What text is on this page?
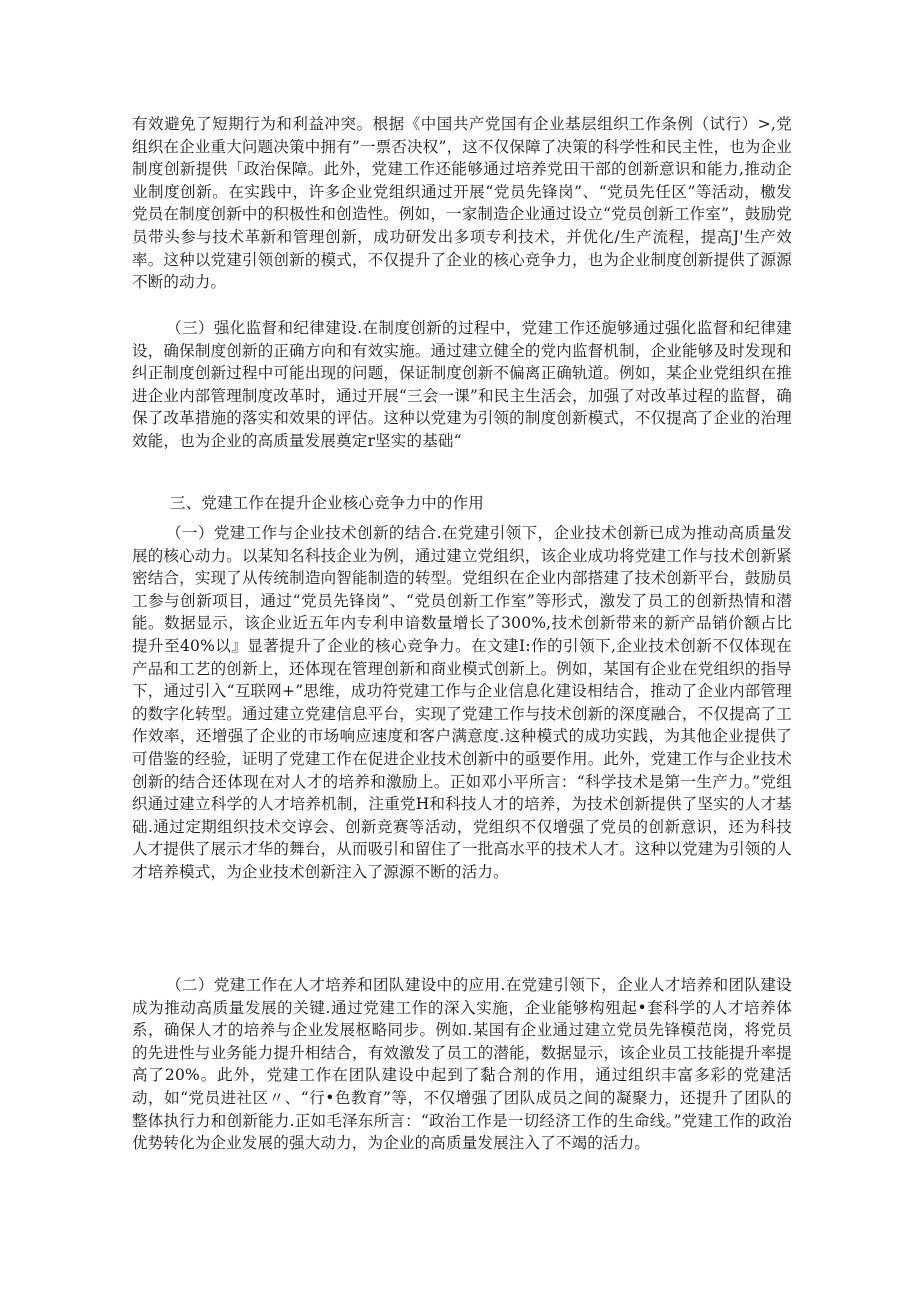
有效避免了短期行为和利益冲突。根据《中国共产党国有企业基层组织工作条例（试行）>,党组织在企业重大问题决策中拥有”一票否决权”，这不仅保障了决策的科学性和民主性，也为企业制度创新提供「政治保障。此外，党建工作还能够通过培养党田干部的创新意识和能力,推动企业制度创新。在实践中，许多企业党组织通过开展“党员先锋岗”、“党员先任区”等活动，檄发党员在制度创新中的积极性和创造性。例如，一家制造企业通过设立“党员创新工作室”，鼓励党员带头参与技术革新和管理创新，成功研发出多项专利技术，并优化/生产流程，提高J'生产效率。这种以党建引领创新的模式，不仅提升了企业的核心竞争力，也为企业制度创新提供了源源不断的动力。

（三）强化监督和纪律建设.在制度创新的过程中，党建工作还旎够通过强化监督和纪律建设，确保制度创新的正确方向和有效实施。通过建立健全的党内监督机制，企业能够及时发现和纠正制度创新过程中可能出现的问题，保证制度创新不偏离正确轨道。例如，某企业党组织在推进企业内部管理制度改革时，通过开展“三会一课”和民主生活会，加强了对改革过程的监督，确保了改革措施的落实和效果的评估。这种以党建为引领的制度创新模式，不仅提高了企业的治理效能，也为企业的高质量发展奠定r坚实的基础“

三、党建工作在提升企业核心竞争力中的作用

（一）党建工作与企业技术创新的结合.在党建引领下，企业技术创新已成为推动高质量发展的核心动力。以某知名科技企业为例，通过建立党组织，该企业成功将党建工作与技术创新紧密结合，实现了从传统制造向智能制造的转型。党组织在企业内部搭建了技术创新平台，鼓励员工参与创新项目，通过“党员先锋岗”、“党员创新工作室”等形式，激发了员工的创新热情和潜能。数据显示，该企业近五年内专利申谙数量增长了300%,技术创新带来的新产品销价额占比提升至40%以』显著提升了企业的核心竞争力。在文建I:作的引领下,企业技术创新不仅体现在产品和工艺的创新上，还体现在管理创新和商业模式创新上。例如，某国有企业在党组织的指导下，通过引入“互联网+”思维，成功符党建工作与企业信息化建设相结合，推动了企业内部管理的数字化转型。通过建立党建信息平台，实现了党建工作与技术创新的深度融合，不仅提高了工作效率，还增强了企业的市场响应速度和客户满意度.这种模式的成功实践，为其他企业提供了可借鉴的经验，证明了党建工作在促进企业技术创新中的亟要作用。此外，党建工作与企业技术创新的结合还体现在对人才的培养和激励上。正如邓小平所言：“科学技术是第一生产力。”党组织通过建立科学的人才培养机制，注重党H和科技人才的培养，为技术创新提供了坚实的人才基础.通过定期组织技术交谆会、创新竞赛等活动，党组织不仅增强了党员的创新意识，还为科技人才提供了展示才华的舞台，从而吸引和留住了一批高水平的技术人才。这种以党建为引领的人才培养模式，为企业技术创新注入了源源不断的活力。

（二）党建工作在人才培养和团队建设中的应用.在党建引领下，企业人才培养和团队建设成为推动高质量发展的关键.通过党建工作的深入实施，企业能够构殂起•套科学的人才培养体系，确保人才的培养与企业发展枢略同步。例如.某国有企业通过建立党员先锋模范岗，将党员的先进性与业务能力提升相结合，有效激发了员工的潜能，数据显示，该企业员工技能提升率提高了20%。此外，党建工作在团队建设中起到了黏合剂的作用，通过组织丰富多彩的党建活动，如“党员进社区〃、“行•色教育”等，不仅增强了团队成员之间的凝聚力，还提升了团队的整体执行力和创新能力.正如毛泽东所言：“政治工作是一切经济工作的生命线。”党建工作的政治优势转化为企业发展的强大动力，为企业的高质量发展注入了不竭的活力。
